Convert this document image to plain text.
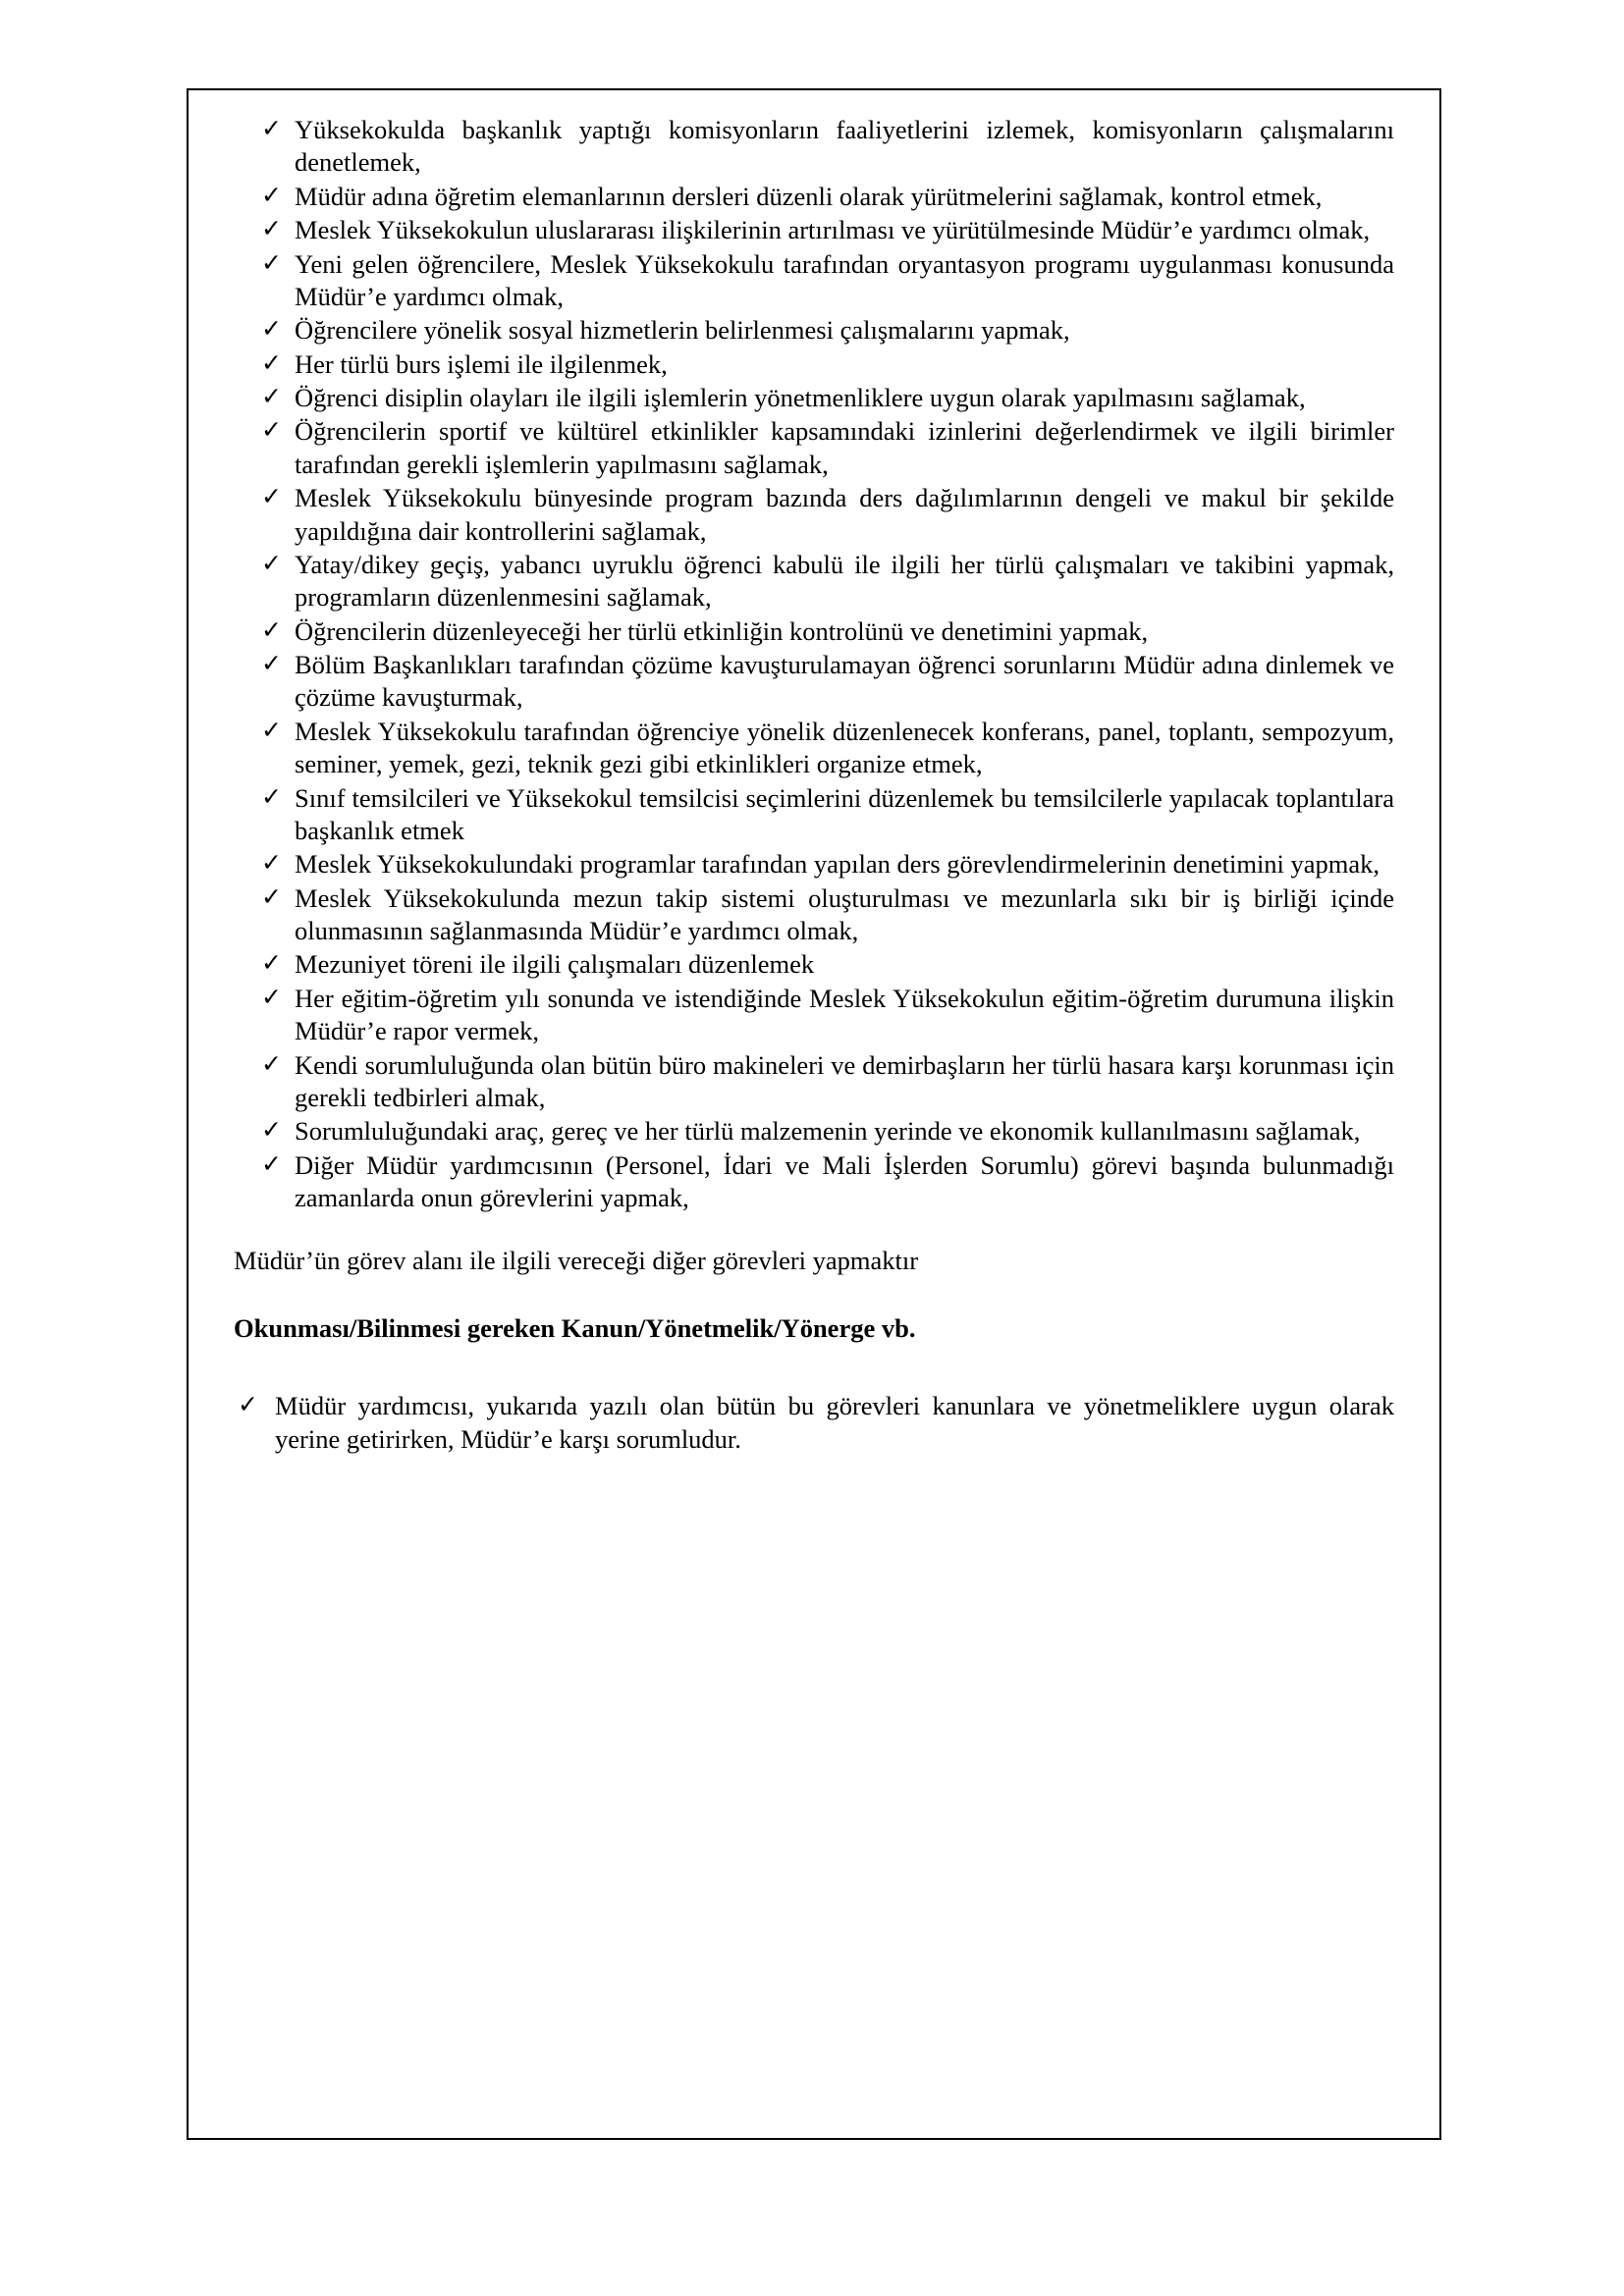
✓ Yüksekokulda başkanlık yaptığı komisyonların faaliyetlerini izlemek, komisyonların çalışmalarını denetlemek,
✓ Müdür adına öğretim elemanlarının dersleri düzenli olarak yürütmelerini sağlamak, kontrol etmek,
✓ Meslek Yüksekokulun uluslararası ilişkilerinin artırılması ve yürütülmesinde Müdür’e yardımcı olmak,
✓ Yeni gelen öğrencilere, Meslek Yüksekokulu tarafından oryantasyon programı uygulanması konusunda Müdür’e yardımcı olmak,
✓ Öğrencilere yönelik sosyal hizmetlerin belirlenmesi çalışmalarını yapmak,
✓ Her türlü burs işlemi ile ilgilenmek,
✓ Öğrenci disiplin olayları ile ilgili işlemlerin yönetmenliklere uygun olarak yapılmasını sağlamak,
✓ Öğrencilerin sportif ve kültürel etkinlikler kapsamındaki izinlerini değerlendirmek ve ilgili birimler tarafından gerekli işlemlerin yapılmasını sağlamak,
✓ Meslek Yüksekokulu bünyesinde program bazında ders dağılımlarının dengeli ve makul bir şekilde yapıldığına dair kontrollerini sağlamak,
✓ Yatay/dikey geçiş, yabancı uyruklu öğrenci kabulü ile ilgili her türlü çalışmaları ve takibini yapmak, programların düzenlenmesini sağlamak,
✓ Öğrencilerin düzenleyeceği her türlü etkinliğin kontrolünü ve denetimini yapmak,
✓ Bölüm Başkanlıkları tarafından çözüme kavuşturulamayan öğrenci sorunlarını Müdür adına dinlemek ve çözüme kavuşturmak,
✓ Meslek Yüksekokulu tarafından öğrenciye yönelik düzenlenecek konferans, panel, toplantı, sempozyum, seminer, yemek, gezi, teknik gezi gibi etkinlikleri organize etmek,
✓ Sınıf temsilcileri ve Yüksekokul temsilcisi seçimlerini düzenlemek bu temsilcilerle yapılacak toplantılara başkanlık etmek
✓ Meslek Yüksekokulundaki programlar tarafından yapılan ders görevlendirmelerinin denetimini yapmak,
✓ Meslek Yüksekokulunda mezun takip sistemi oluşturulması ve mezunlarla sıkı bir iş birliği içinde olunmasının sağlanmasında Müdür’e yardımcı olmak,
✓ Mezuniyet töreni ile ilgili çalışmaları düzenlemek
✓ Her eğitim-öğretim yılı sonunda ve istendiğinde Meslek Yüksekokulun eğitim-öğretim durumuna ilişkin Müdür’e rapor vermek,
✓ Kendi sorumluluğunda olan bütün büro makineleri ve demirbaşların her türlü hasara karşı korunması için gerekli tedbirleri almak,
✓ Sorumluluğundaki araç, gereç ve her türlü malzemenin yerinde ve ekonomik kullanılmasını sağlamak,
✓ Diğer Müdür yardımcısının (Personel, İdari ve Mali İşlerden Sorumlu) görevi başında bulunmadığı zamanlarda onun görevlerini yapmak,

Müdür’ün görev alanı ile ilgili vereceği diğer görevleri yapmaktır

Okunması/Bilinmesi gereken Kanun/Yönetmelik/Yönerge vb.

✓ Müdür yardımcısı, yukarıda yazılı olan bütün bu görevleri kanunlara ve yönetmeliklere uygun olarak yerine getirirken, Müdür’e karşı sorumludur.
